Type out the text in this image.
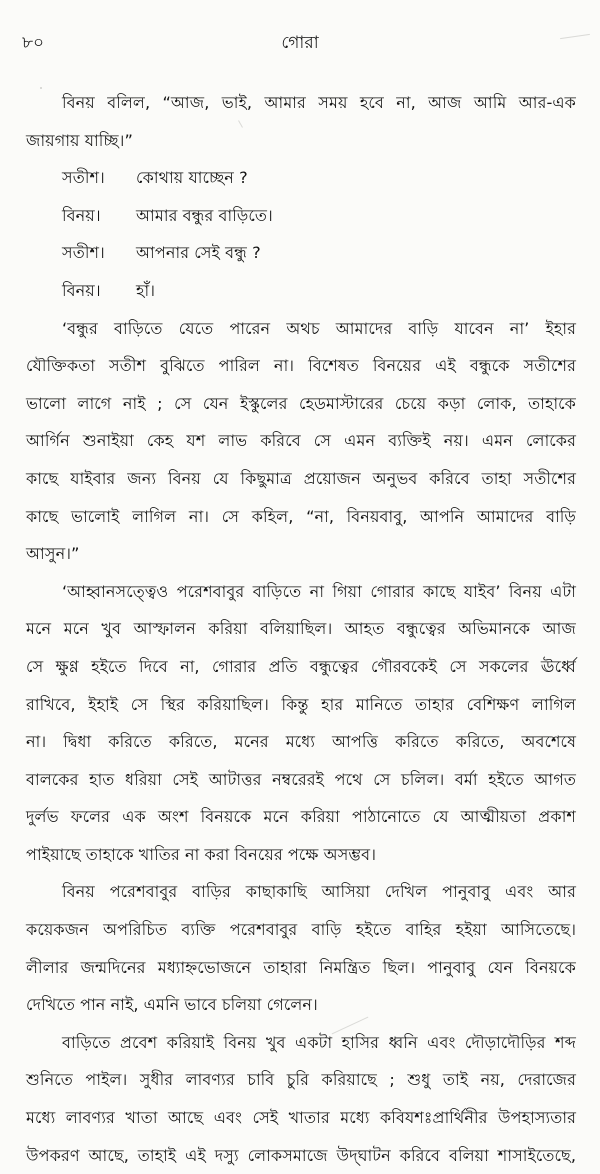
৮০	গোরা
বিনয় বলিল, “আজ, ভাই, আমার সময় হবে না, আজ আমি আর-এক
জায়গায় যাচ্ছি।”
সতীশ। কোথায় যাচ্ছেন ?
বিনয়। আমার বন্ধুর বাড়িতে।
সতীশ। আপনার সেই বন্ধু ?
বিনয়। হাঁ।
‘বন্ধুর বাড়িতে যেতে পারেন অথচ আমাদের বাড়ি যাবেন না’ ইহার
যৌক্তিকতা সতীশ বুঝিতে পারিল না। বিশেষত বিনয়ের এই বন্ধুকে সতীশের
ভালো লাগে নাই ; সে যেন ইস্কুলের হেডমাস্টারের চেয়ে কড়া লোক, তাহাকে
আর্গিন শুনাইয়া কেহ যশ লাভ করিবে সে এমন ব্যক্তিই নয়। এমন লোকের
কাছে যাইবার জন্য বিনয় যে কিছুমাত্র প্রয়োজন অনুভব করিবে তাহা সতীশের
কাছে ভালোই লাগিল না। সে কহিল, “না, বিনয়বাবু, আপনি আমাদের বাড়ি
আসুন।”
‘আহ্বানসত্ত্বেও পরেশবাবুর বাড়িতে না গিয়া গোরার কাছে যাইব’ বিনয় এটা
মনে মনে খুব আস্ফালন করিয়া বলিয়াছিল। আহত বন্ধুত্বের অভিমানকে আজ
সে ক্ষুণ্ণ হইতে দিবে না, গোরার প্রতি বন্ধুত্বের গৌরবকেই সে সকলের ঊর্ধ্বে
রাখিবে, ইহাই সে স্থির করিয়াছিল। কিন্তু হার মানিতে তাহার বেশিক্ষণ লাগিল
না। দ্বিধা করিতে করিতে, মনের মধ্যে আপত্তি করিতে করিতে, অবশেষে
বালকের হাত ধরিয়া সেই আটাত্তর নম্বরেরই পথে সে চলিল। বর্মা হইতে আগত
দুর্লভ ফলের এক অংশ বিনয়কে মনে করিয়া পাঠানোতে যে আত্মীয়তা প্রকাশ
পাইয়াছে তাহাকে খাতির না করা বিনয়ের পক্ষে অসম্ভব।
বিনয় পরেশবাবুর বাড়ির কাছাকাছি আসিয়া দেখিল পানুবাবু এবং আর
কয়েকজন অপরিচিত ব্যক্তি পরেশবাবুর বাড়ি হইতে বাহির হইয়া আসিতেছে।
লীলার জন্মদিনের মধ্যাহ্নভোজনে তাহারা নিমন্ত্রিত ছিল। পানুবাবু যেন বিনয়কে
দেখিতে পান নাই, এমনি ভাবে চলিয়া গেলেন।
বাড়িতে প্রবেশ করিয়াই বিনয় খুব একটা হাসির ধ্বনি এবং দৌড়াদৌড়ির শব্দ
শুনিতে পাইল। সুধীর লাবণ্যর চাবি চুরি করিয়াছে ; শুধু তাই নয়, দেরাজের
মধ্যে লাবণ্যর খাতা আছে এবং সেই খাতার মধ্যে কবিযশঃপ্রার্থিনীর উপহাস্যতার
উপকরণ আছে, তাহাই এই দস্যু লোকসমাজে উদ্‌ঘাটন করিবে বলিয়া শাসাইতেছে,
